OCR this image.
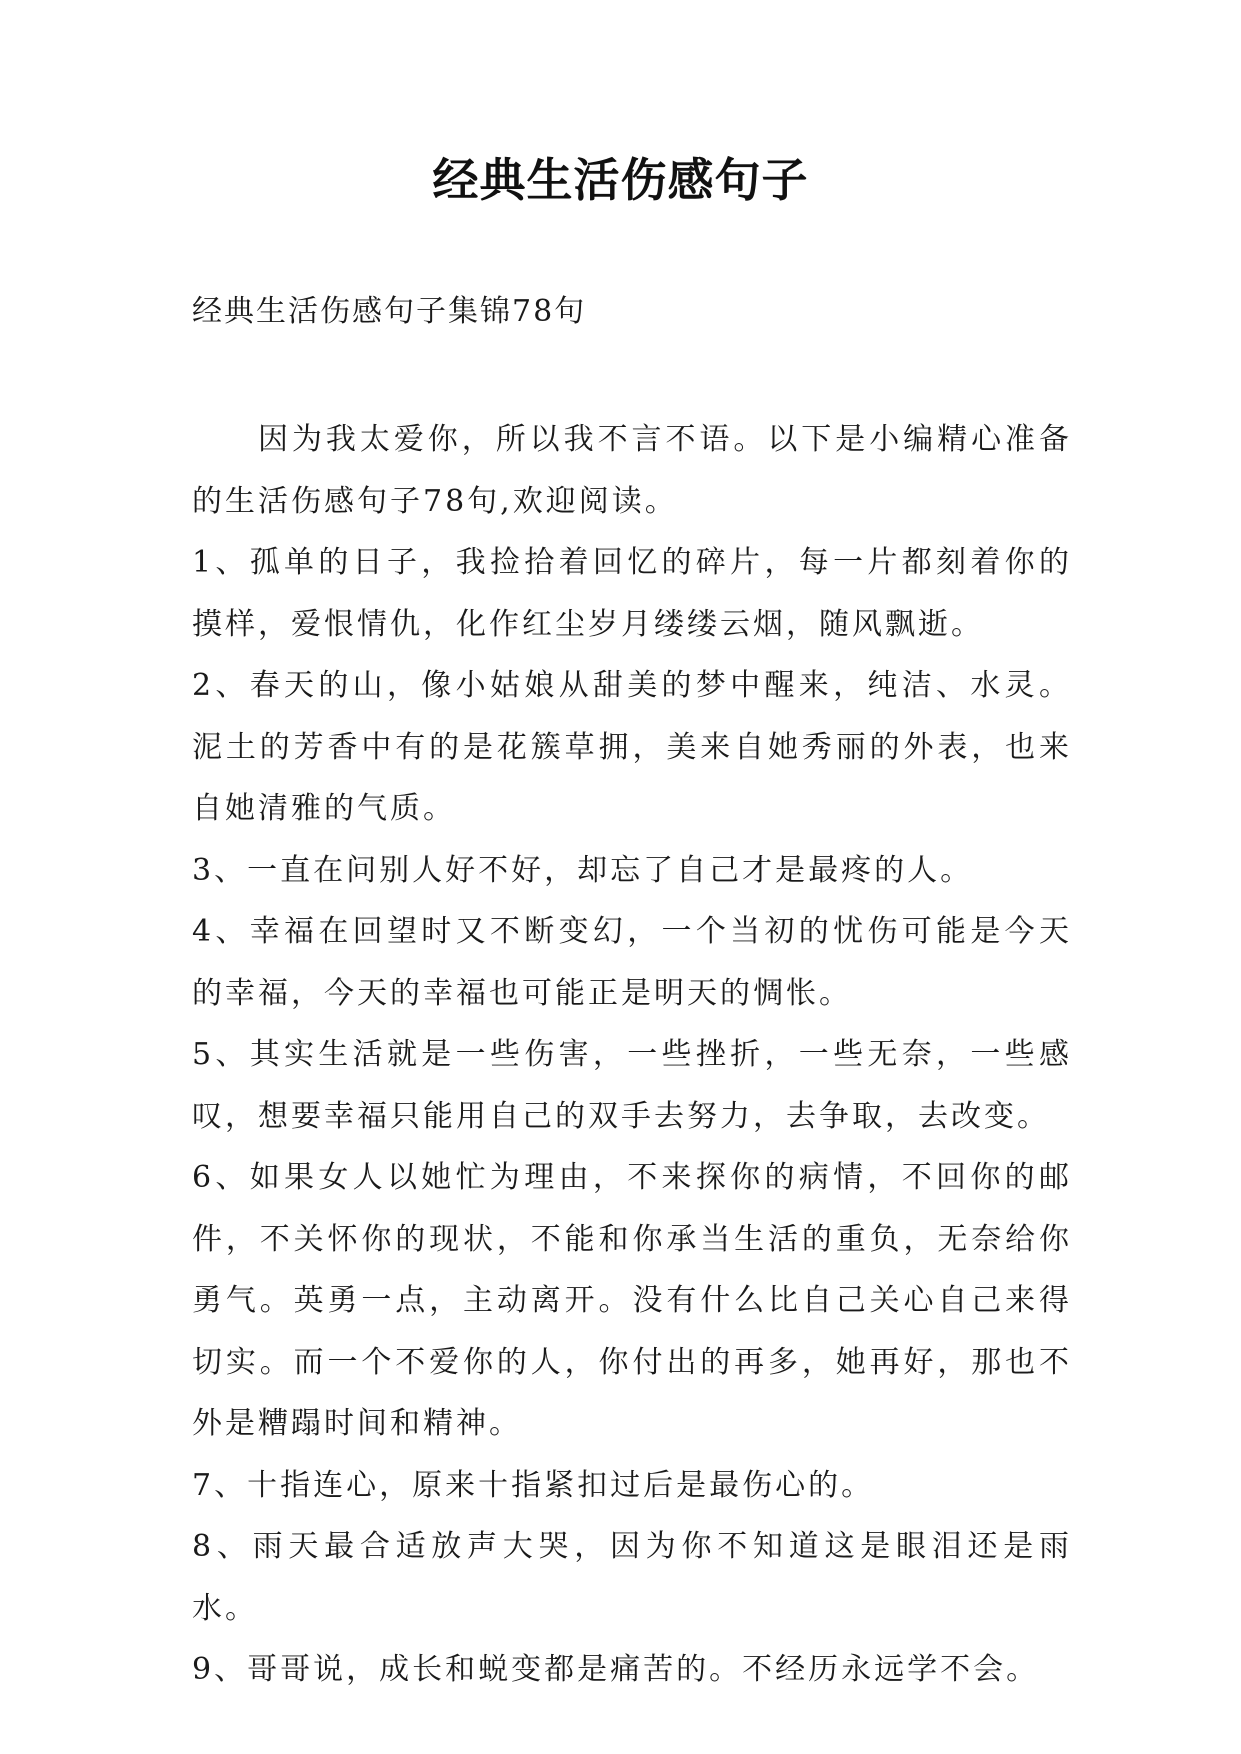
经典生活伤感句子
经典生活伤感句子集锦78句

因为我太爱你，所以我不言不语。以下是小编精心准备的生活伤感句子78句,欢迎阅读。

1、孤单的日子，我捡拾着回忆的碎片，每一片都刻着你的摸样，爱恨情仇，化作红尘岁月缕缕云烟，随风飘逝。

2、春天的山，像小姑娘从甜美的梦中醒来，纯洁、水灵。泥土的芳香中有的是花簇草拥，美来自她秀丽的外表，也来自她清雅的气质。

3、一直在问别人好不好，却忘了自己才是最疼的人。

4、幸福在回望时又不断变幻，一个当初的忧伤可能是今天的幸福，今天的幸福也可能正是明天的惆怅。

5、其实生活就是一些伤害，一些挫折，一些无奈，一些感叹，想要幸福只能用自己的双手去努力，去争取，去改变。

6、如果女人以她忙为理由，不来探你的病情，不回你的邮件，不关怀你的现状，不能和你承当生活的重负，无奈给你勇气。英勇一点，主动离开。没有什么比自己关心自己来得切实。而一个不爱你的人，你付出的再多，她再好，那也不外是糟蹋时间和精神。

7、十指连心，原来十指紧扣过后是最伤心的。

8、雨天最合适放声大哭，因为你不知道这是眼泪还是雨水。

9、哥哥说，成长和蜕变都是痛苦的。不经历永远学不会。
